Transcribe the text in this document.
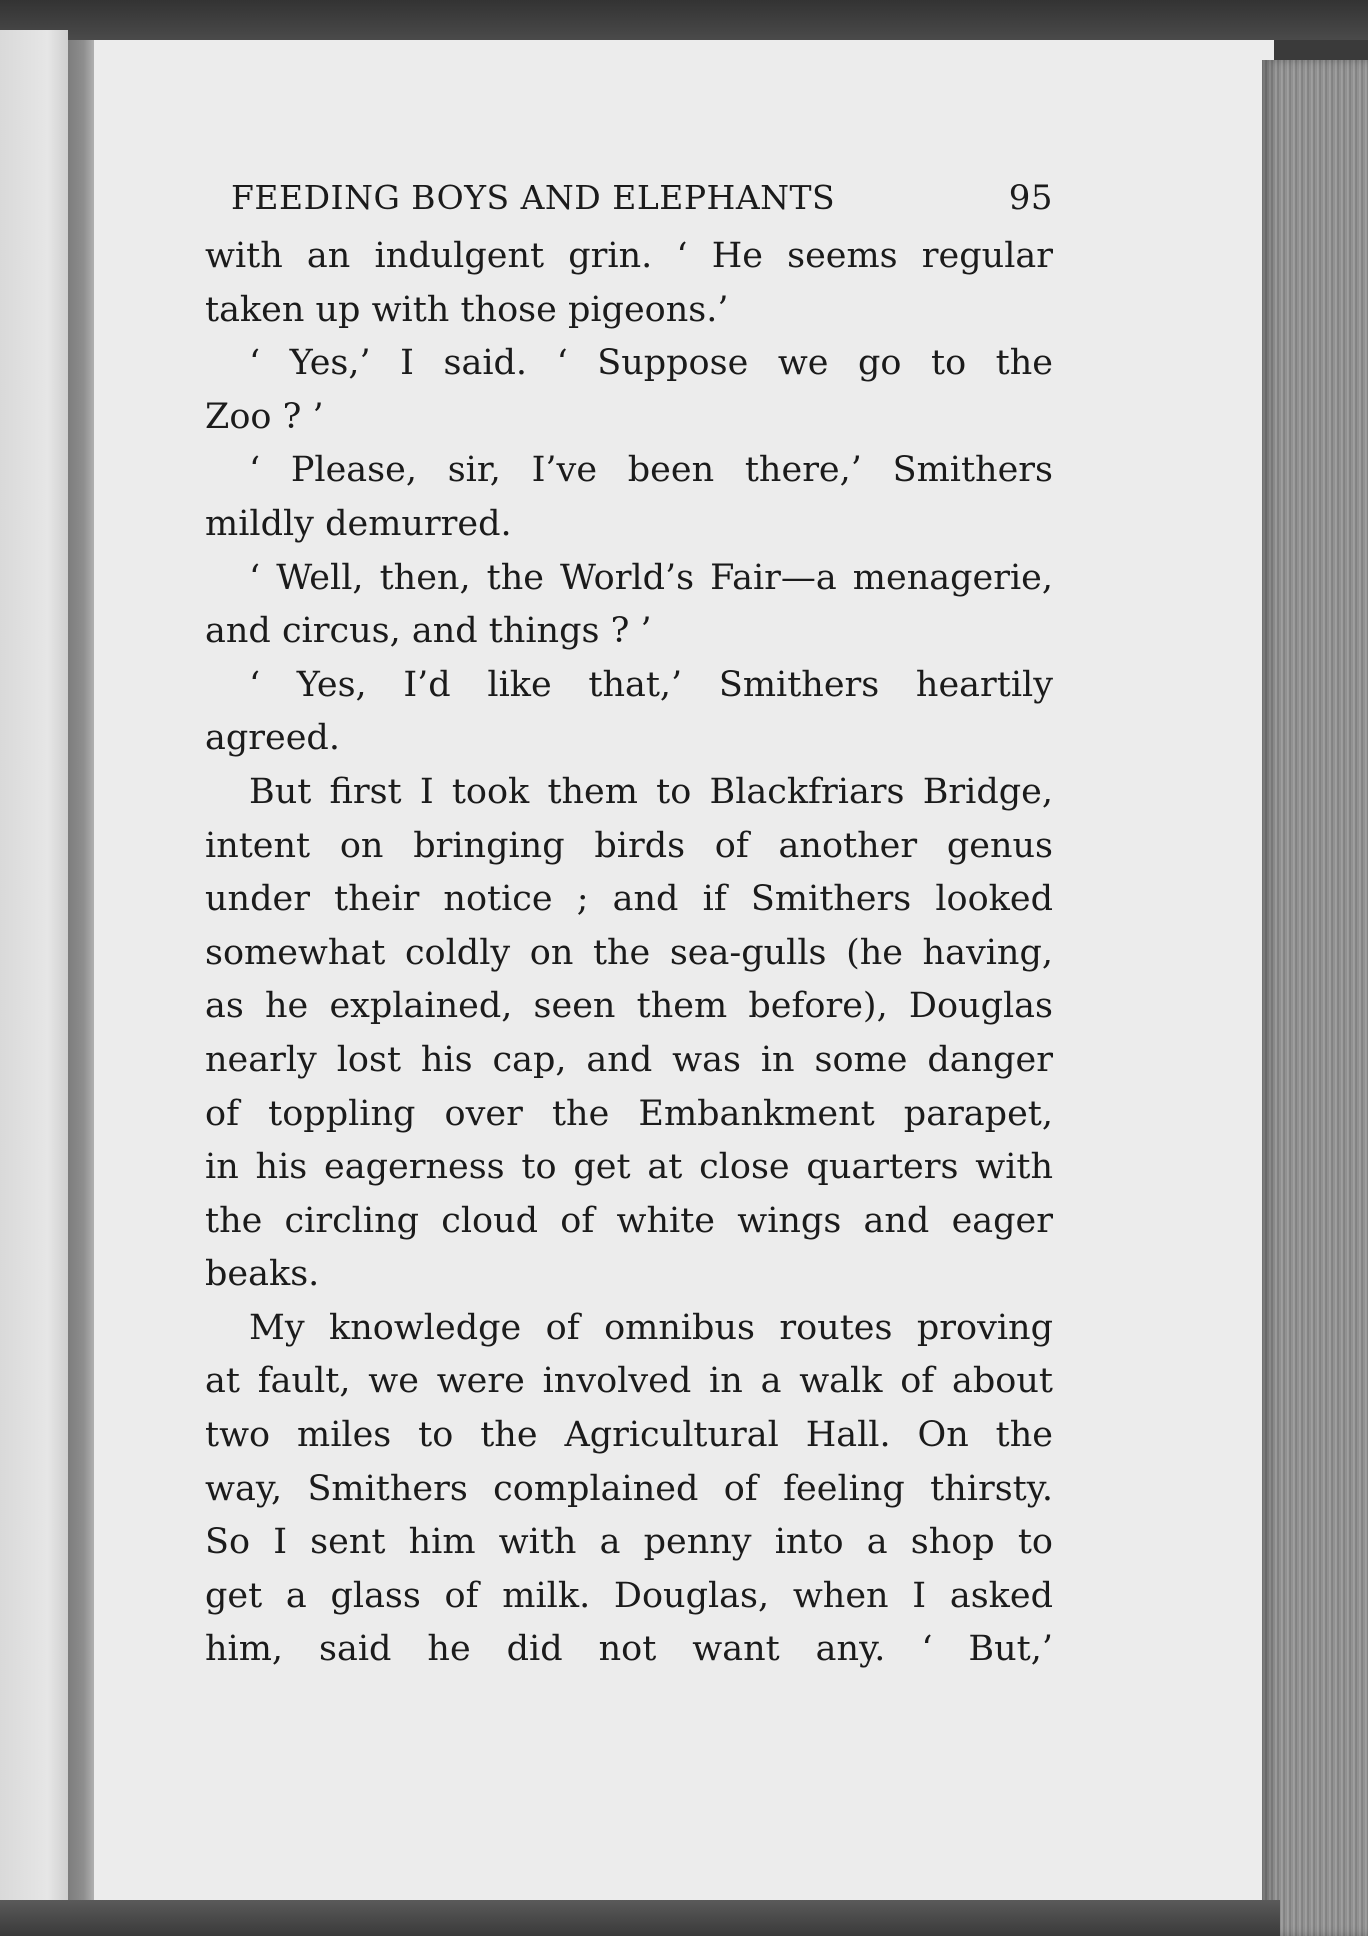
FEEDING BOYS AND ELEPHANTS	95
with an indulgent grin. ‘ He seems regular
taken up with those pigeons.’
‘ Yes,’ I said. ‘ Suppose we go to the
Zoo ? ’
‘ Please, sir, I’ve been there,’ Smithers
mildly demurred.
‘ Well, then, the World’s Fair—a menagerie,
and circus, and things ? ’
‘ Yes, I’d like that,’ Smithers heartily
agreed.
But first I took them to Blackfriars Bridge,
intent on bringing birds of another genus
under their notice ; and if Smithers looked
somewhat coldly on the sea-gulls (he having,
as he explained, seen them before), Douglas
nearly lost his cap, and was in some danger
of toppling over the Embankment parapet,
in his eagerness to get at close quarters with
the circling cloud of white wings and eager
beaks.
My knowledge of omnibus routes proving
at fault, we were involved in a walk of about
two miles to the Agricultural Hall. On the
way, Smithers complained of feeling thirsty.
So I sent him with a penny into a shop to
get a glass of milk. Douglas, when I asked
him, said he did not want any. ‘ But,’
